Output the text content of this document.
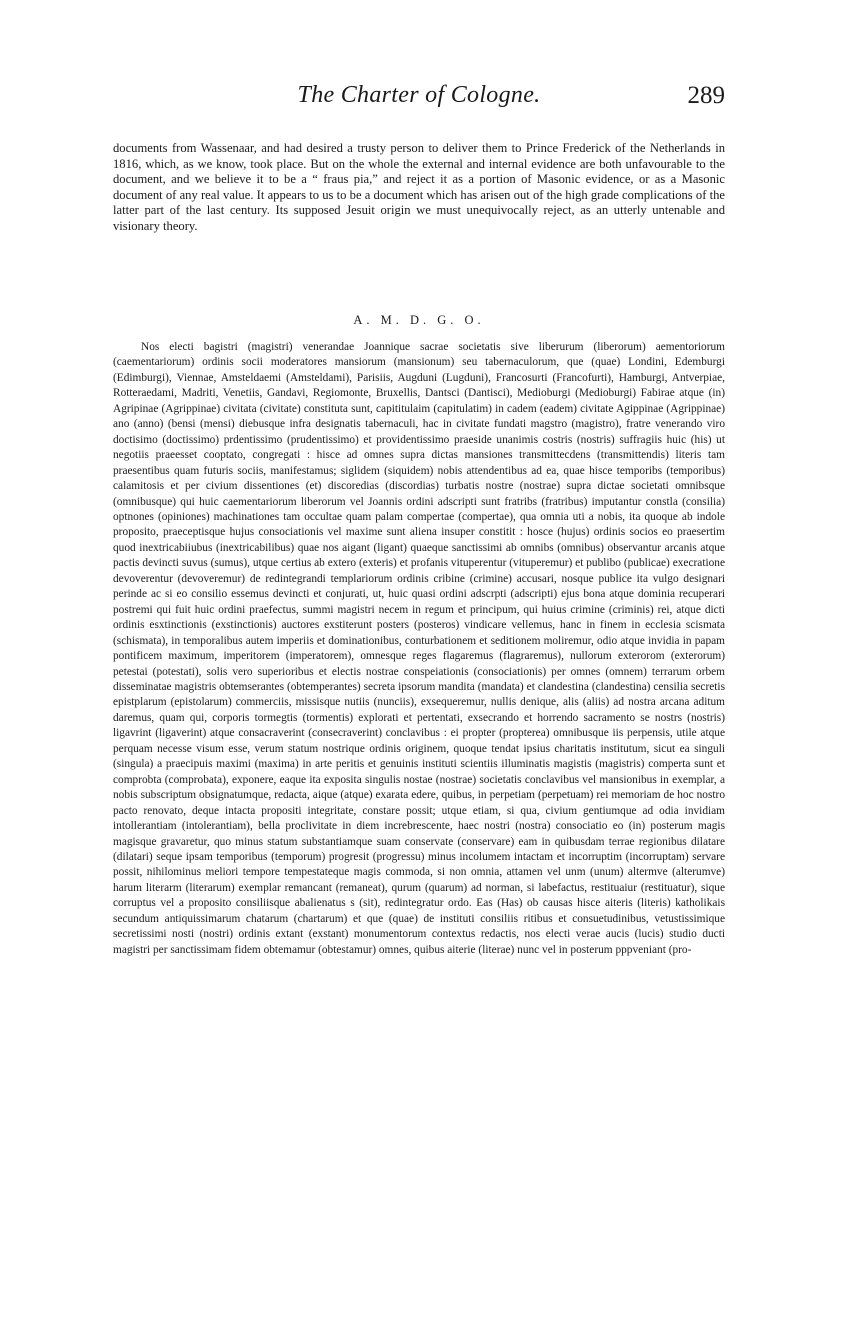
The Charter of Cologne.	289

documents from Wassenaar, and had desired a trusty person to deliver them to Prince Frederick of the Netherlands in 1816, which, as we know, took place. But on the whole the external and internal evidence are both unfavourable to the document, and we believe it to be a “ fraus pia,” and reject it as a portion of Masonic evidence, or as a Masonic document of any real value. It appears to us to be a document which has arisen out of the high grade complications of the latter part of the last century. Its supposed Jesuit origin we must unequivocally reject, as an utterly untenable and visionary theory.

A. M. D. G. O.

Nos electi bagistri (magistri) venerandae Joannique sacrae societatis sive liberurum (liberorum) aementoriorum (caementariorum) ordinis socii moderatores mansiorum (mansionum) seu tabernaculorum, que (quae) Londini, Edemburgi (Edimburgi), Viennae, Amsteldaemi (Amsteldami), Parisiis, Augduni (Lugduni), Francosurti (Francofurti), Hamburgi, Antverpiae, Rotteraedami, Madriti, Venetiis, Gandavi, Regiomonte, Bruxellis, Dantsci (Dantisci), Medioburgi (Medioburgi) Fabirae atque (in) Agripinae (Agrippinae) civitata (civitate) constituta sunt, capititulaim (capitulatim) in cadem (eadem) civitate Agippinae (Agrippinae) ano (anno) (bensi (mensi) diebusque infra designatis tabernaculi, hac in civitate fundati magstro (magistro), fratre venerando viro doctisimo (doctissimo) prdentissimo (prudentissimo) et providentissimo praeside unanimis costris (nostris) suffragiis huic (his) ut negotiis praeesset cooptato, congregati : hisce ad omnes supra dictas mansiones transmittecdens (transmittendis) literis tam praesentibus quam futuris sociis, manifestamus; siglidem (siquidem) nobis attendentibus ad ea, quae hisce temporibs (temporibus) calamitosis et per civium dissentiones (et) discoredias (discordias) turbatis nostre (nostrae) supra dictae societati omnibsque (omnibusque) qui huic caementariorum liberorum vel Joannis ordini adscripti sunt fratribs (fratribus) imputantur constla (consilia) optnones (opiniones) machinationes tam occultae quam palam compertae (compertae), qua omnia uti a nobis, ita quoque ab indole proposito, praeceptisque hujus consociationis vel maxime sunt aliena insuper constitit : hosce (hujus) ordinis socios eo praesertim quod inextricabiiubus (inextricabilibus) quae nos aigant (ligant) quaeque sanctissimi ab omnibs (omnibus) observantur arcanis atque pactis devincti suvus (sumus), utque certius ab extero (exteris) et profanis vituperentur (vituperemur) et publibo (publicae) execratione devoverentur (devoveremur) de redintegrandi templariorum ordinis cribine (crimine) accusari, nosque publice ita vulgo designari perinde ac si eo consilio essemus devincti et conjurati, ut, huic quasi ordini adscrpti (adscripti) ejus bona atque dominia recuperari postremi qui fuit huic ordini praefectus, summi magistri necem in regum et principum, qui huius crimine (criminis) rei, atque dicti ordinis esxtinctionis (exstinctionis) auctores exstiterunt posters (posteros) vindicare vellemus, hanc in finem in ecclesia scismata (schismata), in temporalibus autem imperiis et dominationibus, conturbationem et seditionem moliremur, odio atque invidia in papam pontificem maximum, imperitorem (imperatorem), omnesque reges flagaremus (flagraremus), nullorum exterorom (exterorum) petestai (potestati), solis vero superioribus et electis nostrae conspeiationis (consociationis) per omnes (omnem) terrarum orbem disseminatae magistris obtemserantes (obtemperantes) secreta ipsorum mandita (mandata) et clandestina (clandestina) censilia secretis epistplarum (epistolarum) commerciis, missisque nutiis (nunciis), exsequeremur, nullis denique, alis (aliis) ad nostra arcana aditum daremus, quam qui, corporis tormegtis (tormentis) explorati et pertentati, exsecrando et horrendo sacramento se nostrs (nostris) ligavrint (ligaverint) atque consacraverint (consecraverint) conclavibus : ei propter (propterea) omnibusque iis perpensis, utile atque perquam necesse visum esse, verum statum nostrique ordinis originem, quoque tendat ipsius charitatis institutum, sicut ea singuli (singula) a praecipuis maximi (maxima) in arte peritis et genuinis instituti scientiis illuminatis magistis (magistris) comperta sunt et comprobta (comprobata), exponere, eaque ita exposita singulis nostae (nostrae) societatis conclavibus vel mansionibus in exemplar, a nobis subscriptum obsignatumque, redacta, aique (atque) exarata edere, quibus, in perpetiam (perpetuam) rei memoriam de hoc nostro pacto renovato, deque intacta propositi integritate, constare possit; utque etiam, si qua, civium gentiumque ad odia invidiam intollerantiam (intolerantiam), bella proclivitate in diem increbrescente, haec nostri (nostra) consociatio eo (in) posterum magis magisque gravaretur, quo minus statum substantiamque suam conservate (conservare) eam in quibusdam terrae regionibus dilatare (dilatari) seque ipsam temporibus (temporum) progresit (progressu) minus incolumem intactam et incorruptim (incorruptam) servare possit, nihilominus meliori tempore tempestateque magis commoda, si non omnia, attamen vel unm (unum) altermve (alterumve) harum literarm (literarum) exemplar remancant (remaneat), qurum (quarum) ad norman, si labefactus, restituaiur (restituatur), sique corruptus vel a proposito consiliisque abalienatus s (sit), redintegratur ordo. Eas (Has) ob causas hisce aiteris (literis) katholikais secundum antiquissimarum chatarum (chartarum) et que (quae) de instituti consiliis ritibus et consuetudinibus, vetustissimique secretissimi nosti (nostri) ordinis extant (exstant) monumentorum contextus redactis, nos electi verae aucis (lucis) studio ducti magistri per sanctissimam fidem obtemamur (obtestamur) omnes, quibus aiterie (literae) nunc vel in posterum pppveniant (pro-
